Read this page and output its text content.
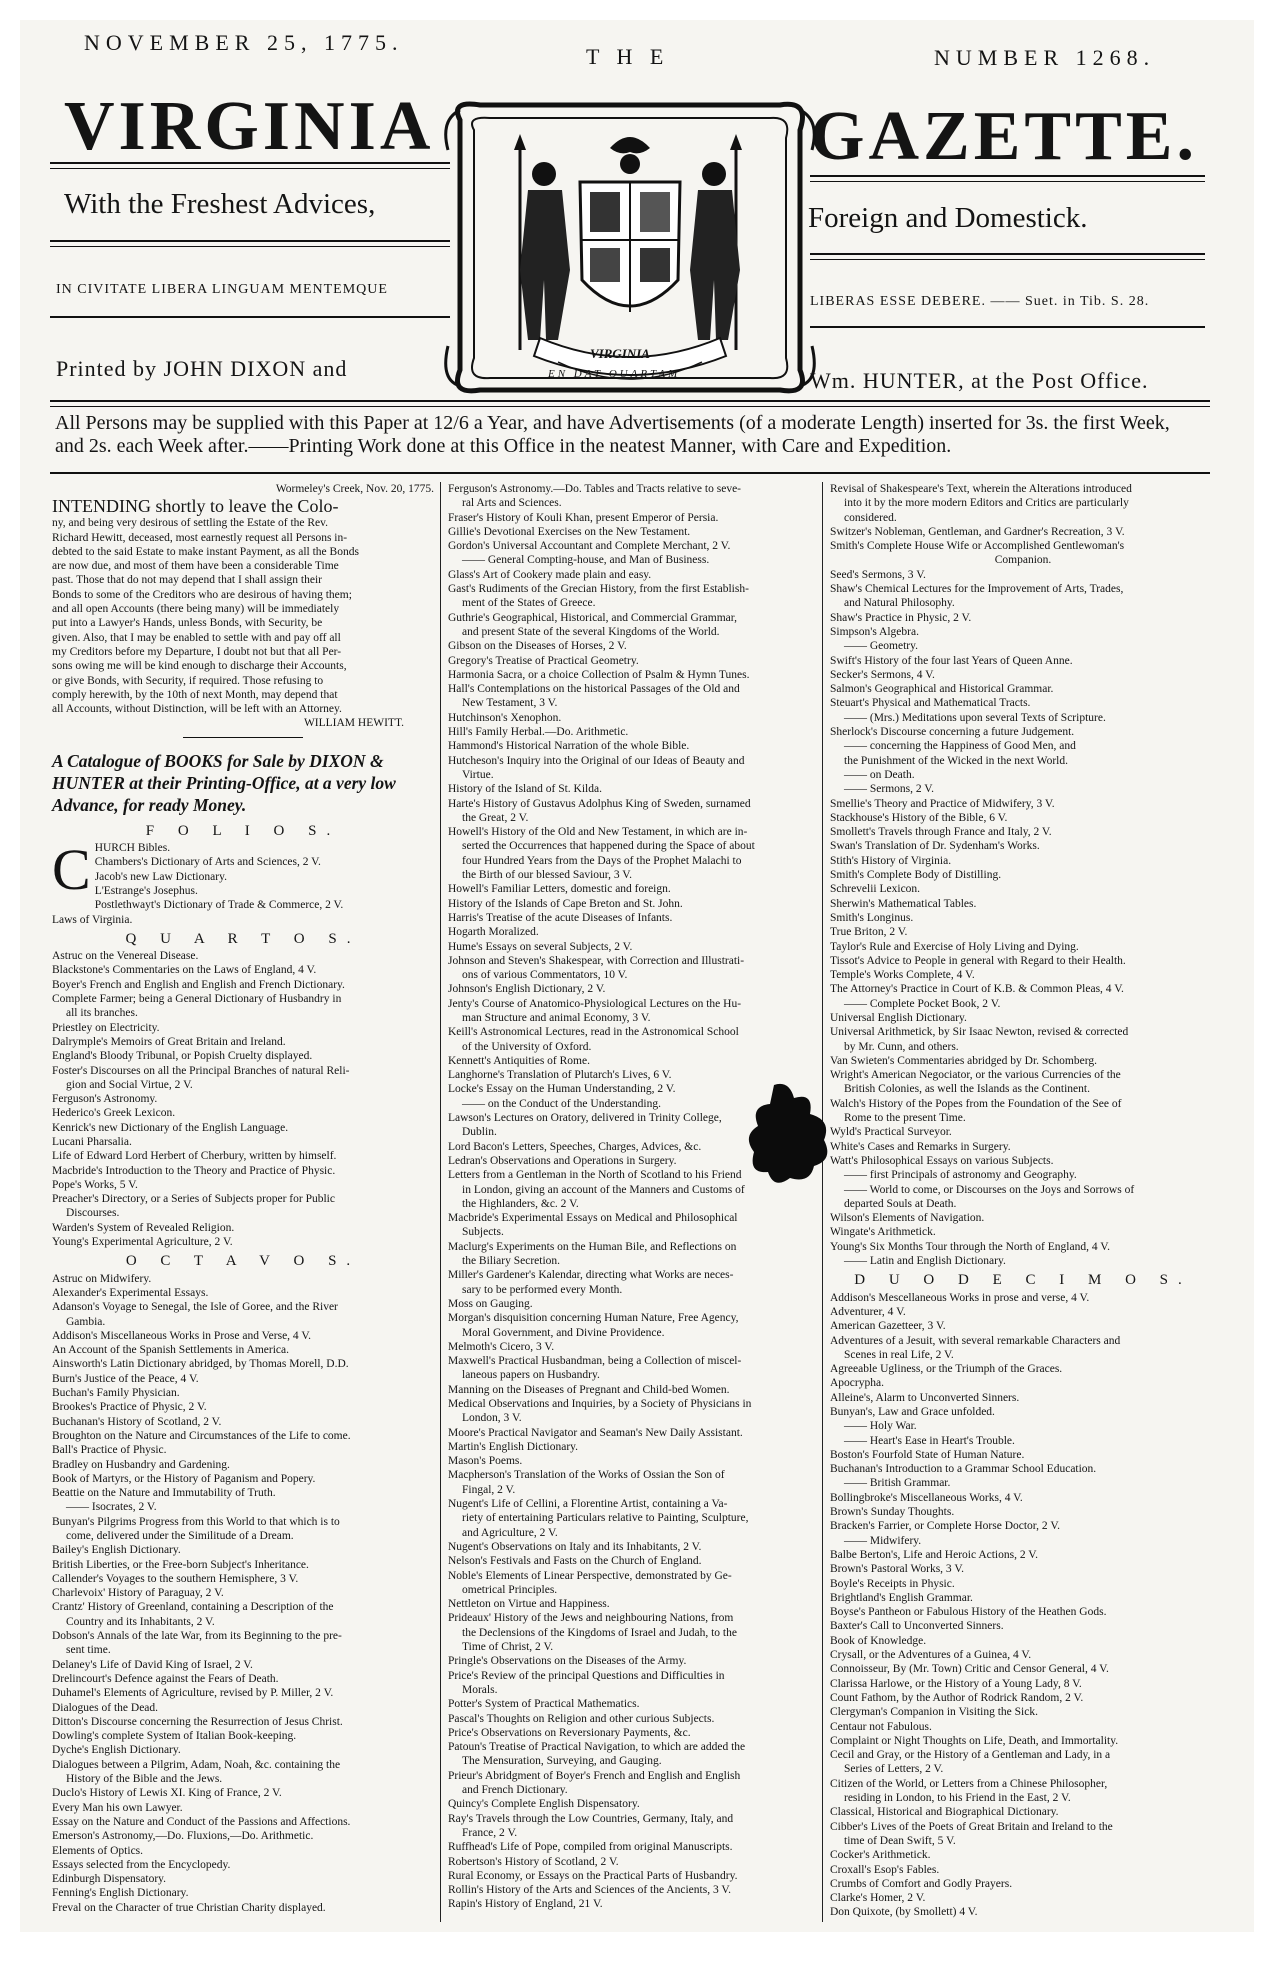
NOVEMBER 25, 1775.
T H E	NUMBER 1268.
VIRGINIA	GAZETTE.
With the Freshest Advices,	Foreign and Domestick.
IN CIVITATE LIBERA LINGUAM MENTEMQUE
LIBERAS ESSE DEBERE. —— Suet. in Tib. S. 28.
Printed by JOHN DIXON and	Wm. HUNTER, at the Post Office.
VIRGINIA
EN DAT QUARTAM
All Persons may be supplied with this Paper at 12/6 a Year, and have Advertisements (of a moderate Length) inserted for 3s. the first Week, and 2s. each Week after.——Printing Work done at this Office in the neatest Manner, with Care and Expedition.

Wormeley's Creek, Nov. 20, 1775.

INTENDING shortly to leave the Colo-

ny, and being very desirous of settling the Estate of the Rev.

Richard Hewitt, deceased, most earnestly request all Persons in-

debted to the said Estate to make instant Payment, as all the Bonds

are now due, and most of them have been a considerable Time

past. Those that do not may depend that I shall assign their

Bonds to some of the Creditors who are desirous of having them;

and all open Accounts (there being many) will be immediately

put into a Lawyer's Hands, unless Bonds, with Security, be

given. Also, that I may be enabled to settle with and pay off all

my Creditors before my Departure, I doubt not but that all Per-

sons owing me will be kind enough to discharge their Accounts,

or give Bonds, with Security, if required. Those refusing to

comply herewith, by the 10th of next Month, may depend that

all Accounts, without Distinction, will be left with an Attorney.

WILLIAM HEWITT.

A Catalogue of BOOKS for Sale by DIXON & HUNTER at their Printing-Office, at a very low Advance, for ready Money.

F O L I O S.

C HURCH Bibles.

Chambers's Dictionary of Arts and Sciences, 2 V.

Jacob's new Law Dictionary.

L'Estrange's Josephus.

Postlethwayt's Dictionary of Trade & Commerce, 2 V.

Laws of Virginia.

Q U A R T O S.

Astruc on the Venereal Disease.

Blackstone's Commentaries on the Laws of England, 4 V.

Boyer's French and English and English and French Dictionary.

Complete Farmer; being a General Dictionary of Husbandry in

all its branches.

Priestley on Electricity.

Dalrymple's Memoirs of Great Britain and Ireland.

England's Bloody Tribunal, or Popish Cruelty displayed.

Foster's Discourses on all the Principal Branches of natural Reli-

gion and Social Virtue, 2 V.

Ferguson's Astronomy.

Hederico's Greek Lexicon.

Kenrick's new Dictionary of the English Language.

Lucani Pharsalia.

Life of Edward Lord Herbert of Cherbury, written by himself.

Macbride's Introduction to the Theory and Practice of Physic.

Pope's Works, 5 V.

Preacher's Directory, or a Series of Subjects proper for Public

Discourses.

Warden's System of Revealed Religion.

Young's Experimental Agriculture, 2 V.

O C T A V O S.

Astruc on Midwifery.

Alexander's Experimental Essays.

Adanson's Voyage to Senegal, the Isle of Goree, and the River

Gambia.

Addison's Miscellaneous Works in Prose and Verse, 4 V.

An Account of the Spanish Settlements in America.

Ainsworth's Latin Dictionary abridged, by Thomas Morell, D.D.

Burn's Justice of the Peace, 4 V.

Buchan's Family Physician.

Brookes's Practice of Physic, 2 V.

Buchanan's History of Scotland, 2 V.

Broughton on the Nature and Circumstances of the Life to come.

Ball's Practice of Physic.

Bradley on Husbandry and Gardening.

Book of Martyrs, or the History of Paganism and Popery.

Beattie on the Nature and Immutability of Truth.

—— Isocrates, 2 V.

Bunyan's Pilgrims Progress from this World to that which is to

come, delivered under the Similitude of a Dream.

Bailey's English Dictionary.

British Liberties, or the Free-born Subject's Inheritance.

Callender's Voyages to the southern Hemisphere, 3 V.

Charlevoix' History of Paraguay, 2 V.

Crantz' History of Greenland, containing a Description of the

Country and its Inhabitants, 2 V.

Dobson's Annals of the late War, from its Beginning to the pre-

sent time.

Delaney's Life of David King of Israel, 2 V.

Drelincourt's Defence against the Fears of Death.

Duhamel's Elements of Agriculture, revised by P. Miller, 2 V.

Dialogues of the Dead.

Ditton's Discourse concerning the Resurrection of Jesus Christ.

Dowling's complete System of Italian Book-keeping.

Dyche's English Dictionary.

Dialogues between a Pilgrim, Adam, Noah, &c. containing the

History of the Bible and the Jews.

Duclo's History of Lewis XI. King of France, 2 V.

Every Man his own Lawyer.

Essay on the Nature and Conduct of the Passions and Affections.

Emerson's Astronomy,—Do. Fluxions,—Do. Arithmetic.

Elements of Optics.

Essays selected from the Encyclopedy.

Edinburgh Dispensatory.

Fenning's English Dictionary.

Freval on the Character of true Christian Charity displayed.

Ferguson's Astronomy.—Do. Tables and Tracts relative to seve-

ral Arts and Sciences.

Fraser's History of Kouli Khan, present Emperor of Persia.

Gillie's Devotional Exercises on the New Testament.

Gordon's Universal Accountant and Complete Merchant, 2 V.

—— General Compting-house, and Man of Business.

Glass's Art of Cookery made plain and easy.

Gast's Rudiments of the Grecian History, from the first Establish-

ment of the States of Greece.

Guthrie's Geographical, Historical, and Commercial Grammar,

and present State of the several Kingdoms of the World.

Gibson on the Diseases of Horses, 2 V.

Gregory's Treatise of Practical Geometry.

Harmonia Sacra, or a choice Collection of Psalm & Hymn Tunes.

Hall's Contemplations on the historical Passages of the Old and

New Testament, 3 V.

Hutchinson's Xenophon.

Hill's Family Herbal.—Do. Arithmetic.

Hammond's Historical Narration of the whole Bible.

Hutcheson's Inquiry into the Original of our Ideas of Beauty and

Virtue.

History of the Island of St. Kilda.

Harte's History of Gustavus Adolphus King of Sweden, surnamed

the Great, 2 V.

Howell's History of the Old and New Testament, in which are in-

serted the Occurrences that happened during the Space of about

four Hundred Years from the Days of the Prophet Malachi to

the Birth of our blessed Saviour, 3 V.

Howell's Familiar Letters, domestic and foreign.

History of the Islands of Cape Breton and St. John.

Harris's Treatise of the acute Diseases of Infants.

Hogarth Moralized.

Hume's Essays on several Subjects, 2 V.

Johnson and Steven's Shakespear, with Correction and Illustrati-

ons of various Commentators, 10 V.

Johnson's English Dictionary, 2 V.

Jenty's Course of Anatomico-Physiological Lectures on the Hu-

man Structure and animal Economy, 3 V.

Keill's Astronomical Lectures, read in the Astronomical School

of the University of Oxford.

Kennett's Antiquities of Rome.

Langhorne's Translation of Plutarch's Lives, 6 V.

Locke's Essay on the Human Understanding, 2 V.

—— on the Conduct of the Understanding.

Lawson's Lectures on Oratory, delivered in Trinity College,

Dublin.

Lord Bacon's Letters, Speeches, Charges, Advices, &c.

Ledran's Observations and Operations in Surgery.

Letters from a Gentleman in the North of Scotland to his Friend

in London, giving an account of the Manners and Customs of

the Highlanders, &c. 2 V.

Macbride's Experimental Essays on Medical and Philosophical

Subjects.

Maclurg's Experiments on the Human Bile, and Reflections on

the Biliary Secretion.

Miller's Gardener's Kalendar, directing what Works are neces-

sary to be performed every Month.

Moss on Gauging.

Morgan's disquisition concerning Human Nature, Free Agency,

Moral Government, and Divine Providence.

Melmoth's Cicero, 3 V.

Maxwell's Practical Husbandman, being a Collection of miscel-

laneous papers on Husbandry.

Manning on the Diseases of Pregnant and Child-bed Women.

Medical Observations and Inquiries, by a Society of Physicians in

London, 3 V.

Moore's Practical Navigator and Seaman's New Daily Assistant.

Martin's English Dictionary.

Mason's Poems.

Macpherson's Translation of the Works of Ossian the Son of

Fingal, 2 V.

Nugent's Life of Cellini, a Florentine Artist, containing a Va-

riety of entertaining Particulars relative to Painting, Sculpture,

and Agriculture, 2 V.

Nugent's Observations on Italy and its Inhabitants, 2 V.

Nelson's Festivals and Fasts on the Church of England.

Noble's Elements of Linear Perspective, demonstrated by Ge-

ometrical Principles.

Nettleton on Virtue and Happiness.

Prideaux' History of the Jews and neighbouring Nations, from

the Declensions of the Kingdoms of Israel and Judah, to the

Time of Christ, 2 V.

Pringle's Observations on the Diseases of the Army.

Price's Review of the principal Questions and Difficulties in

Morals.

Potter's System of Practical Mathematics.

Pascal's Thoughts on Religion and other curious Subjects.

Price's Observations on Reversionary Payments, &c.

Patoun's Treatise of Practical Navigation, to which are added the

The Mensuration, Surveying, and Gauging.

Prieur's Abridgment of Boyer's French and English and English

and French Dictionary.

Quincy's Complete English Dispensatory.

Ray's Travels through the Low Countries, Germany, Italy, and

France, 2 V.

Ruffhead's Life of Pope, compiled from original Manuscripts.

Robertson's History of Scotland, 2 V.

Rural Economy, or Essays on the Practical Parts of Husbandry.

Rollin's History of the Arts and Sciences of the Ancients, 3 V.

Rapin's History of England, 21 V.

Revisal of Shakespeare's Text, wherein the Alterations introduced

into it by the more modern Editors and Critics are particularly

considered.

Switzer's Nobleman, Gentleman, and Gardner's Recreation, 3 V.

Smith's Complete House Wife or Accomplished Gentlewoman's

Companion.

Seed's Sermons, 3 V.

Shaw's Chemical Lectures for the Improvement of Arts, Trades,

and Natural Philosophy.

Shaw's Practice in Physic, 2 V.

Simpson's Algebra.

—— Geometry.

Swift's History of the four last Years of Queen Anne.

Secker's Sermons, 4 V.

Salmon's Geographical and Historical Grammar.

Steuart's Physical and Mathematical Tracts.

—— (Mrs.) Meditations upon several Texts of Scripture.

Sherlock's Discourse concerning a future Judgement.

—— concerning the Happiness of Good Men, and

the Punishment of the Wicked in the next World.

—— on Death.

—— Sermons, 2 V.

Smellie's Theory and Practice of Midwifery, 3 V.

Stackhouse's History of the Bible, 6 V.

Smollett's Travels through France and Italy, 2 V.

Swan's Translation of Dr. Sydenham's Works.

Stith's History of Virginia.

Smith's Complete Body of Distilling.

Schrevelii Lexicon.

Sherwin's Mathematical Tables.

Smith's Longinus.

True Briton, 2 V.

Taylor's Rule and Exercise of Holy Living and Dying.

Tissot's Advice to People in general with Regard to their Health.

Temple's Works Complete, 4 V.

The Attorney's Practice in Court of K.B. & Common Pleas, 4 V.

—— Complete Pocket Book, 2 V.

Universal English Dictionary.

Universal Arithmetick, by Sir Isaac Newton, revised & corrected

by Mr. Cunn, and others.

Van Swieten's Commentaries abridged by Dr. Schomberg.

Wright's American Negociator, or the various Currencies of the

British Colonies, as well the Islands as the Continent.

Walch's History of the Popes from the Foundation of the See of

Rome to the present Time.

Wyld's Practical Surveyor.

White's Cases and Remarks in Surgery.

Watt's Philosophical Essays on various Subjects.

—— first Principals of astronomy and Geography.

—— World to come, or Discourses on the Joys and Sorrows of

departed Souls at Death.

Wilson's Elements of Navigation.

Wingate's Arithmetick.

Young's Six Months Tour through the North of England, 4 V.

—— Latin and English Dictionary.

D U O D E C I M O S.

Addison's Mescellaneous Works in prose and verse, 4 V.

Adventurer, 4 V.

American Gazetteer, 3 V.

Adventures of a Jesuit, with several remarkable Characters and

Scenes in real Life, 2 V.

Agreeable Ugliness, or the Triumph of the Graces.

Apocrypha.

Alleine's, Alarm to Unconverted Sinners.

Bunyan's, Law and Grace unfolded.

—— Holy War.

—— Heart's Ease in Heart's Trouble.

Boston's Fourfold State of Human Nature.

Buchanan's Introduction to a Grammar School Education.

—— British Grammar.

Bollingbroke's Miscellaneous Works, 4 V.

Brown's Sunday Thoughts.

Bracken's Farrier, or Complete Horse Doctor, 2 V.

—— Midwifery.

Balbe Berton's, Life and Heroic Actions, 2 V.

Brown's Pastoral Works, 3 V.

Boyle's Receipts in Physic.

Brightland's English Grammar.

Boyse's Pantheon or Fabulous History of the Heathen Gods.

Baxter's Call to Unconverted Sinners.

Book of Knowledge.

Crysall, or the Adventures of a Guinea, 4 V.

Connoisseur, By (Mr. Town) Critic and Censor General, 4 V.

Clarissa Harlowe, or the History of a Young Lady, 8 V.

Count Fathom, by the Author of Rodrick Random, 2 V.

Clergyman's Companion in Visiting the Sick.

Centaur not Fabulous.

Complaint or Night Thoughts on Life, Death, and Immortality.

Cecil and Gray, or the History of a Gentleman and Lady, in a

Series of Letters, 2 V.

Citizen of the World, or Letters from a Chinese Philosopher,

residing in London, to his Friend in the East, 2 V.

Classical, Historical and Biographical Dictionary.

Cibber's Lives of the Poets of Great Britain and Ireland to the

time of Dean Swift, 5 V.

Cocker's Arithmetick.

Croxall's Esop's Fables.

Crumbs of Comfort and Godly Prayers.

Clarke's Homer, 2 V.

Don Quixote, (by Smollett) 4 V.
